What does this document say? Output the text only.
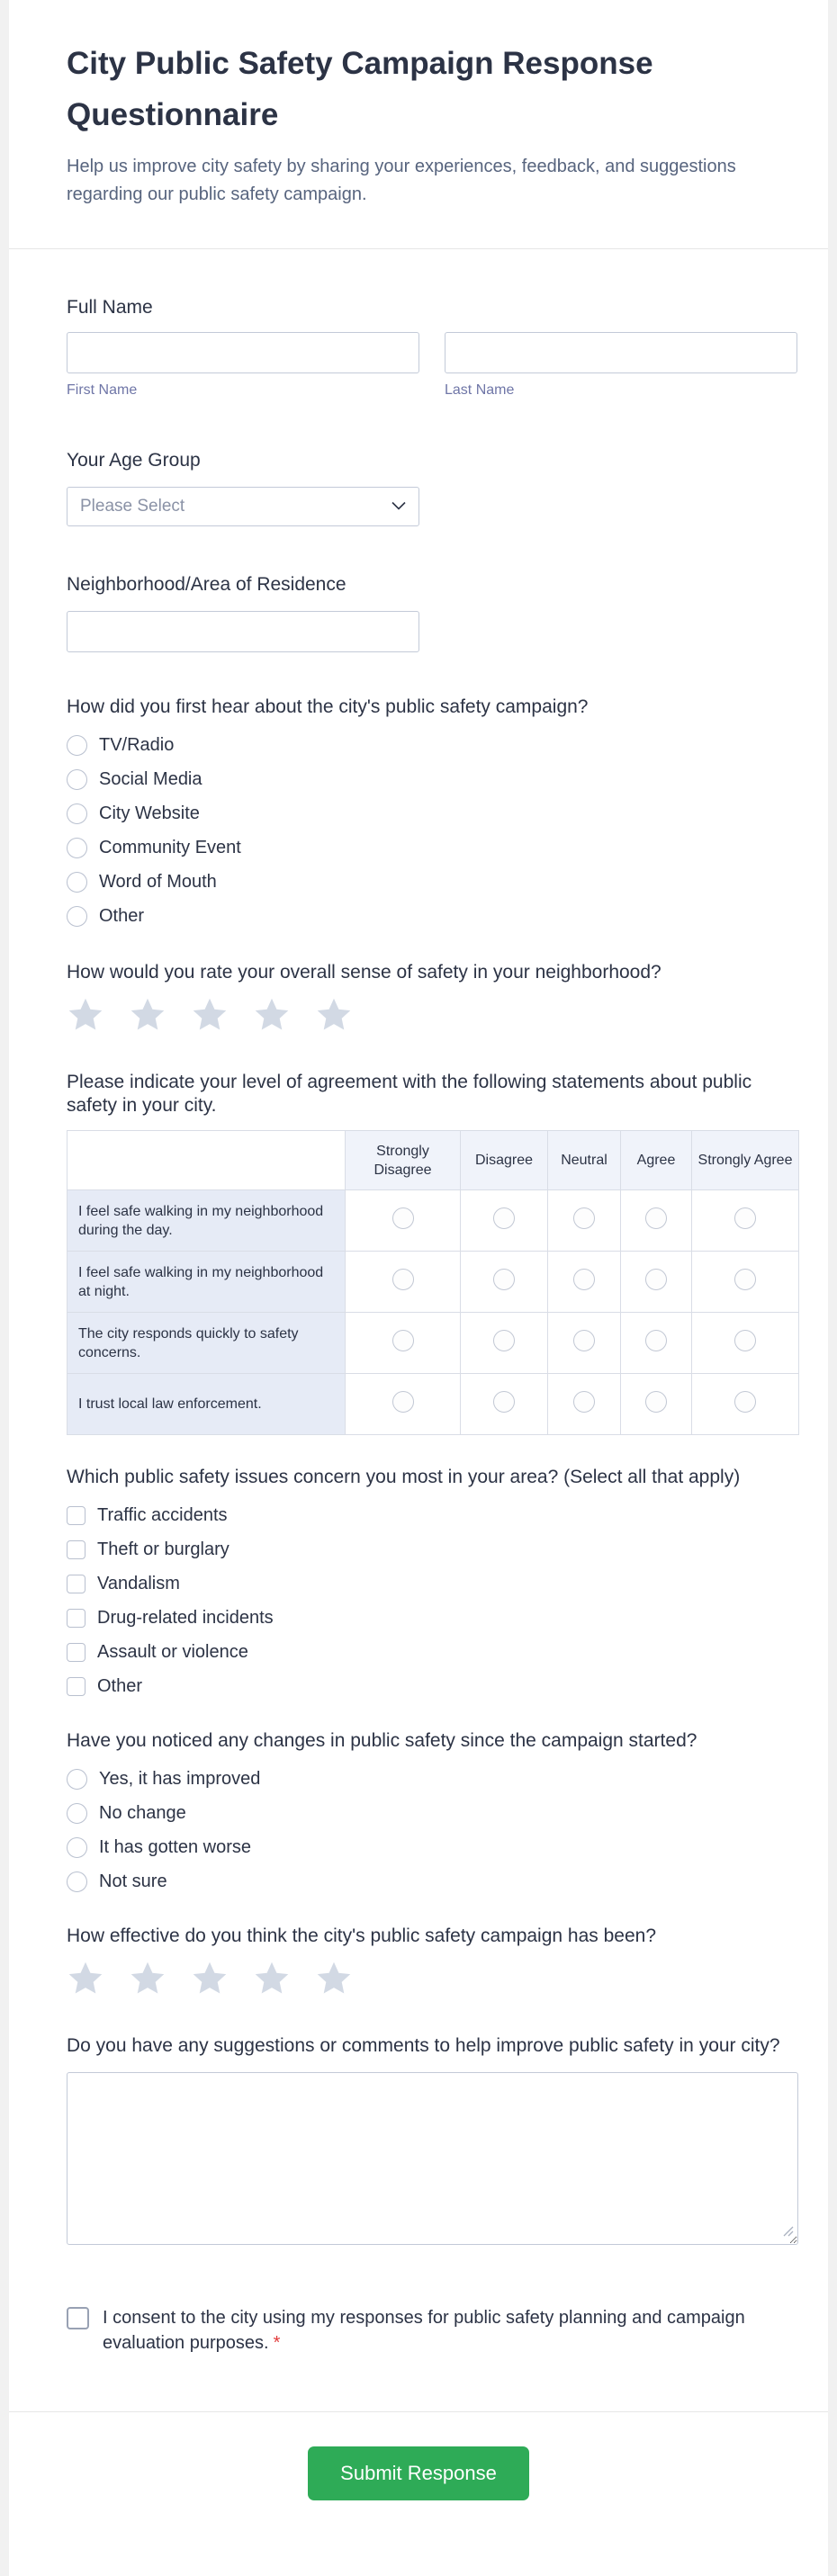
City Public Safety Campaign Response Questionnaire

Help us improve city safety by sharing your experiences, feedback, and suggestions regarding our public safety campaign.

Full Name
First Name	Last Name
Your Age Group
Please Select
Neighborhood/Area of Residence
How did you first hear about the city's public safety campaign?
TV/Radio
Social Media
City Website
Community Event
Word of Mouth
Other
How would you rate your overall sense of safety in your neighborhood?
Please indicate your level of agreement with the following statements about public safety in your city.
	Strongly Disagree	Disagree	Neutral	Agree	Strongly Agree
I feel safe walking in my neighborhood during the day.					
I feel safe walking in my neighborhood at night.					
The city responds quickly to safety concerns.					
I trust local law enforcement.					
Which public safety issues concern you most in your area? (Select all that apply)
Traffic accidents
Theft or burglary
Vandalism
Drug-related incidents
Assault or violence
Other
Have you noticed any changes in public safety since the campaign started?
Yes, it has improved
No change
It has gotten worse
Not sure
How effective do you think the city's public safety campaign has been?
Do you have any suggestions or comments to help improve public safety in your city?
I consent to the city using my responses for public safety planning and campaign evaluation purposes. *
Submit Response
